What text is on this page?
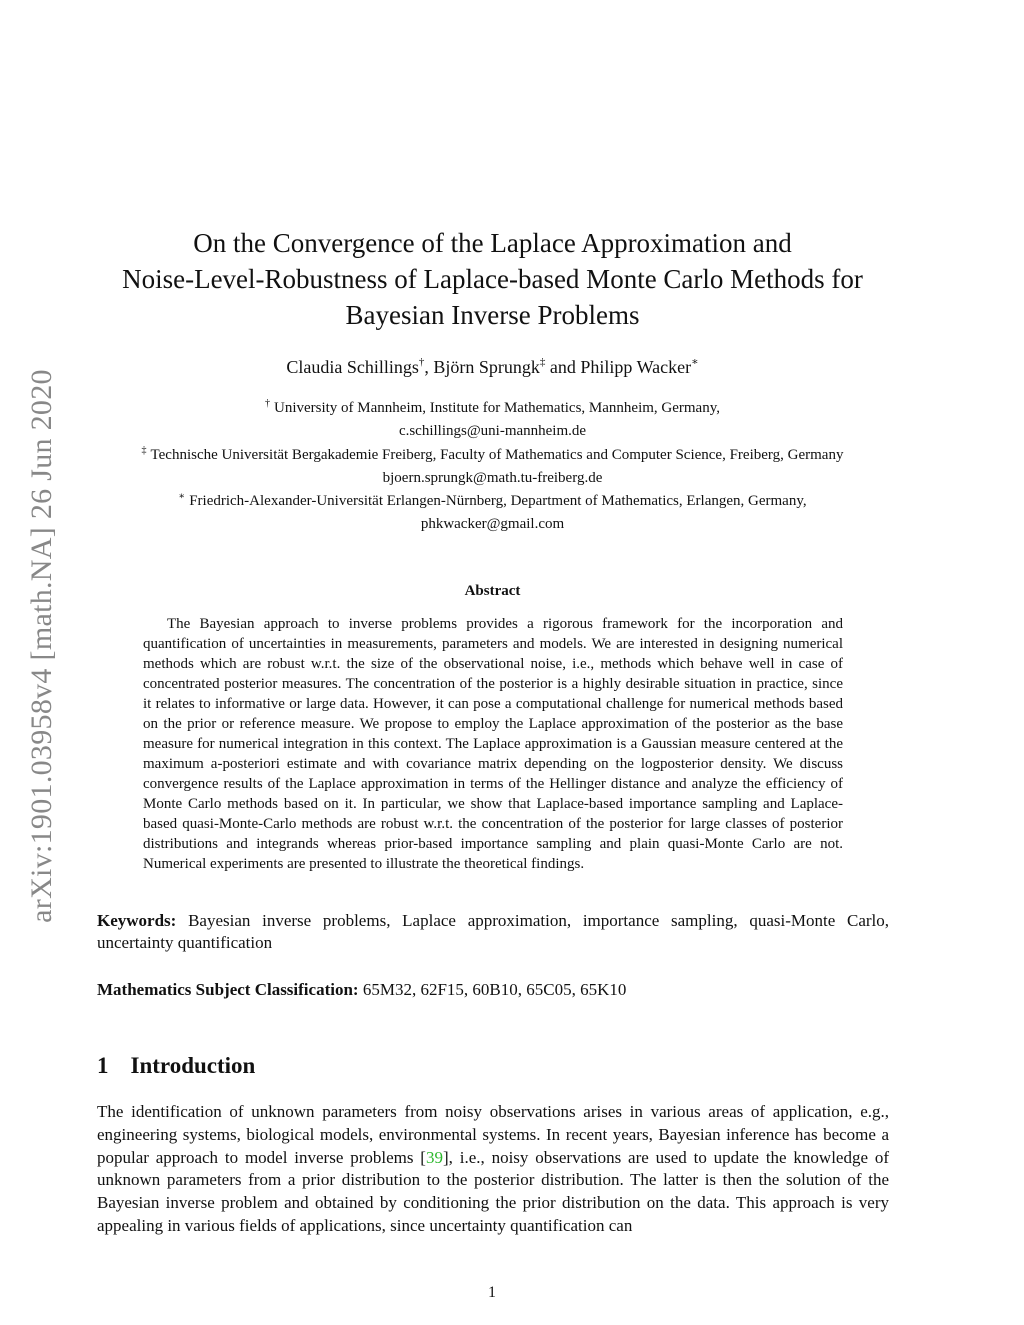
arXiv:1901.03958v4 [math.NA] 26 Jun 2020
On the Convergence of the Laplace Approximation and
Noise-Level-Robustness of Laplace-based Monte Carlo Methods for
Bayesian Inverse Problems
Claudia Schillings†, Björn Sprungk‡ and Philipp Wacker∗
† University of Mannheim, Institute for Mathematics, Mannheim, Germany,
c.schillings@uni-mannheim.de
‡ Technische Universität Bergakademie Freiberg, Faculty of Mathematics and Computer Science, Freiberg, Germany
bjoern.sprungk@math.tu-freiberg.de
∗ Friedrich-Alexander-Universität Erlangen-Nürnberg, Department of Mathematics, Erlangen, Germany,
phkwacker@gmail.com
Abstract
The Bayesian approach to inverse problems provides a rigorous framework for the incorporation and quantification of uncertainties in measurements, parameters and models. We are interested in designing numerical methods which are robust w.r.t. the size of the observational noise, i.e., methods which behave well in case of concentrated posterior measures. The concentration of the posterior is a highly desirable situation in practice, since it relates to informative or large data. However, it can pose a computational challenge for numerical methods based on the prior or reference measure. We propose to employ the Laplace approximation of the posterior as the base measure for numerical integration in this context. The Laplace approximation is a Gaussian measure centered at the maximum a-posteriori estimate and with covariance matrix depending on the logposterior density. We discuss convergence results of the Laplace approximation in terms of the Hellinger distance and analyze the efficiency of Monte Carlo methods based on it. In particular, we show that Laplace-based importance sampling and Laplace-based quasi-Monte-Carlo methods are robust w.r.t. the concentration of the posterior for large classes of posterior distributions and integrands whereas prior-based importance sampling and plain quasi-Monte Carlo are not. Numerical experiments are presented to illustrate the theoretical findings.
Keywords: Bayesian inverse problems, Laplace approximation, importance sampling, quasi-Monte Carlo, uncertainty quantification
Mathematics Subject Classification: 65M32, 62F15, 60B10, 65C05, 65K10
1 Introduction
The identification of unknown parameters from noisy observations arises in various areas of application, e.g., engineering systems, biological models, environmental systems. In recent years, Bayesian inference has become a popular approach to model inverse problems [39], i.e., noisy observations are used to update the knowledge of unknown parameters from a prior distribution to the posterior distribution. The latter is then the solution of the Bayesian inverse problem and obtained by conditioning the prior distribution on the data. This approach is very appealing in various fields of applications, since uncertainty quantification can
1
